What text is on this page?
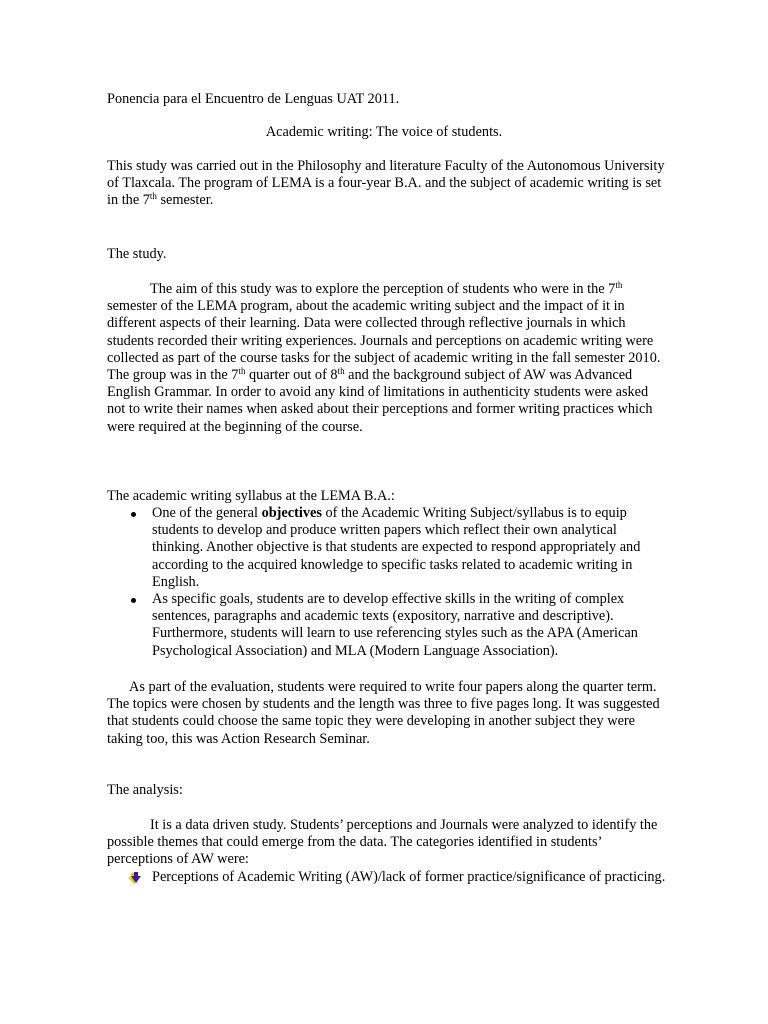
Ponencia para el Encuentro de Lenguas UAT 2011.
Academic writing: The voice of students.
This study was carried out in the Philosophy and literature Faculty of the Autonomous University of Tlaxcala. The program of LEMA is a four-year B.A. and the subject of academic writing is set in the 7th semester.
The study.
The aim of this study was to explore the perception of students who were in the 7th semester of the LEMA program, about the academic writing subject and the impact of it in different aspects of their learning. Data were collected through reflective journals in which students recorded their writing experiences. Journals and perceptions on academic writing were collected as part of the course tasks for the subject of academic writing in the fall semester 2010. The group was in the 7th quarter out of 8th and the background subject of AW was Advanced English Grammar. In order to avoid any kind of limitations in authenticity students were asked not to write their names when asked about their perceptions and former writing practices which were required at the beginning of the course.
The academic writing syllabus at the LEMA B.A.:
One of the general objectives of the Academic Writing Subject/syllabus is to equip students to develop and produce written papers which reflect their own analytical thinking. Another objective is that students are expected to respond appropriately and according to the acquired knowledge to specific tasks related to academic writing in English.
As specific goals, students are to develop effective skills in the writing of complex sentences, paragraphs and academic texts (expository, narrative and descriptive). Furthermore, students will learn to use referencing styles such as the APA (American Psychological Association) and MLA (Modern Language Association).
As part of the evaluation, students were required to write four papers along the quarter term. The topics were chosen by students and the length was three to five pages long. It was suggested that students could choose the same topic they were developing in another subject they were taking too, this was Action Research Seminar.
The analysis:
It is a data driven study. Students’ perceptions and Journals were analyzed to identify the possible themes that could emerge from the data. The categories identified in students’ perceptions of AW were:
Perceptions of Academic Writing (AW)/lack of former practice/significance of practicing.
